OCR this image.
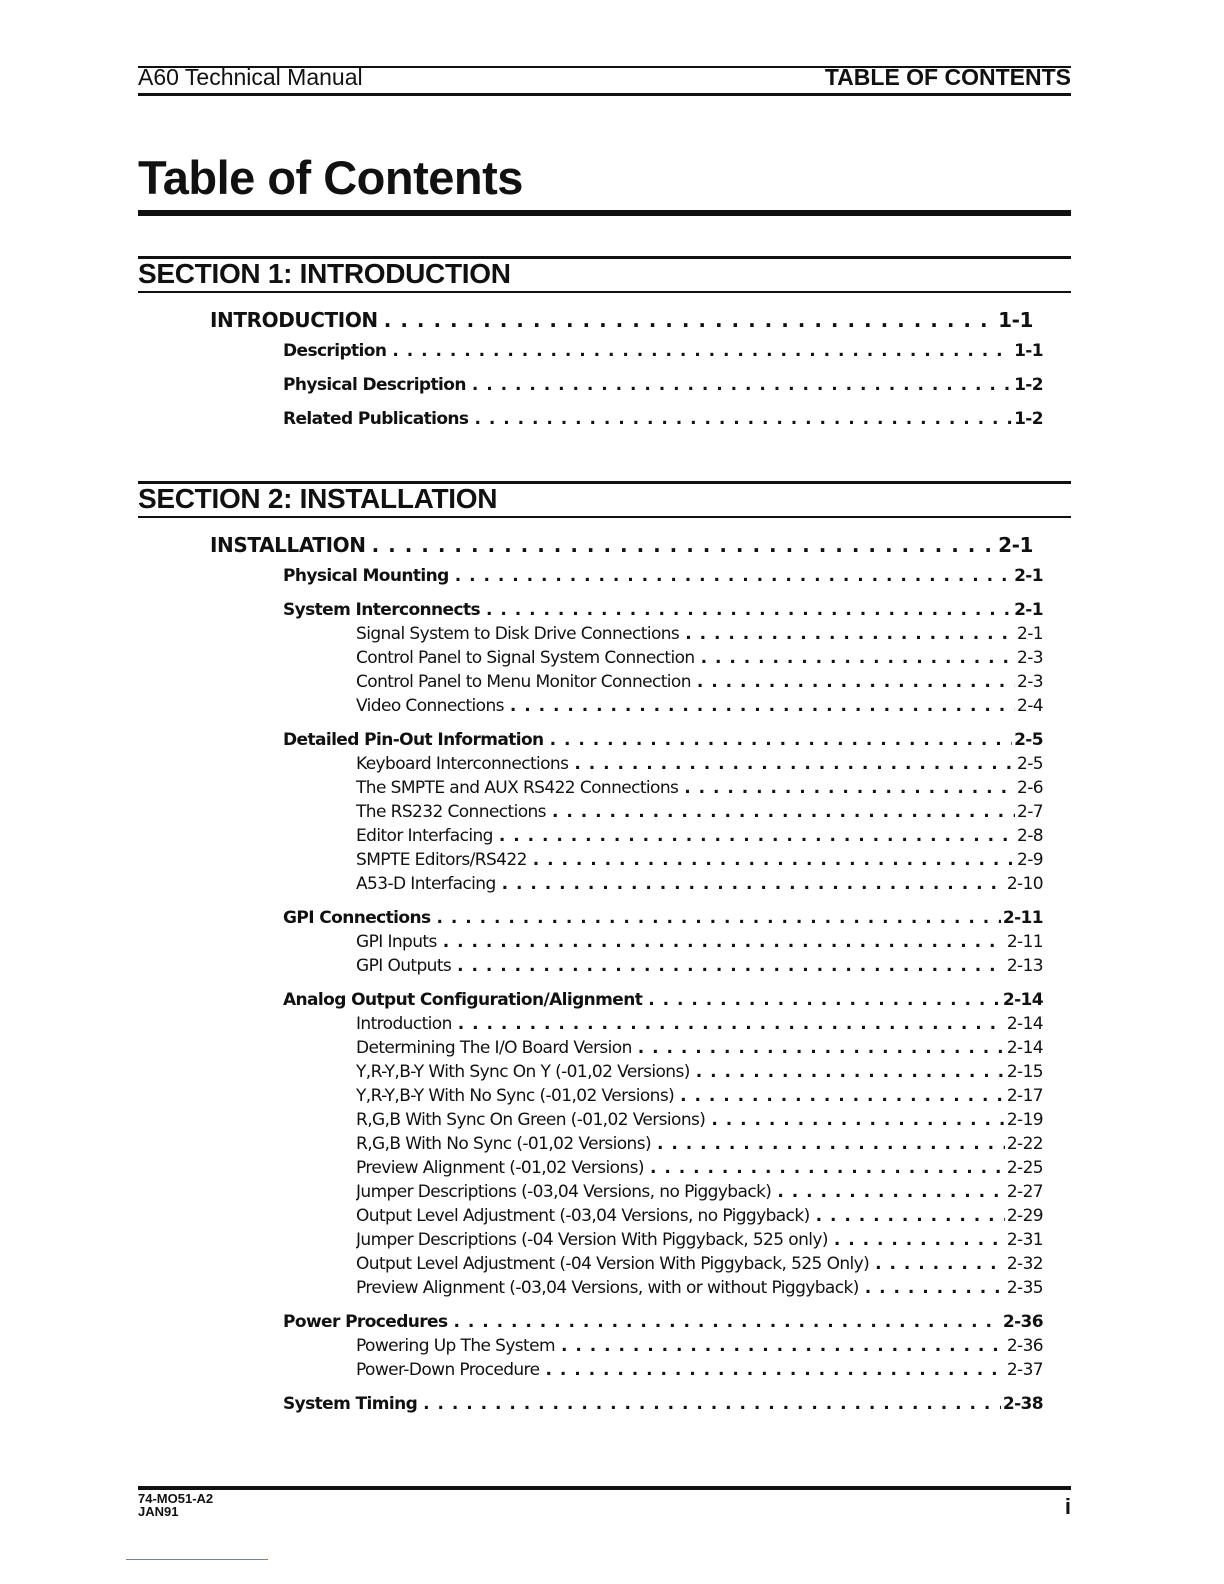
A60 Technical Manual	TABLE OF CONTENTS
Table of Contents
SECTION 1: INTRODUCTION
INTRODUCTION . . .	1-1
Description . . .	1-1
Physical Description . . .	1-2
Related Publications . . .	1-2
SECTION 2: INSTALLATION
INSTALLATION . . .	2-1
Physical Mounting . . .	2-1
System Interconnects . . .	2-1
Signal System to Disk Drive Connections . . .	2-1
Control Panel to Signal System Connection . . .	2-3
Control Panel to Menu Monitor Connection . . .	2-3
Video Connections . . .	2-4
Detailed Pin-Out Information . . .	2-5
Keyboard Interconnections . . .	2-5
The SMPTE and AUX RS422 Connections . . .	2-6
The RS232 Connections . . .	2-7
Editor Interfacing . . .	2-8
SMPTE Editors/RS422 . . .	2-9
A53-D Interfacing . . .	2-10
GPI Connections . . .	2-11
GPI Inputs . . .	2-11
GPI Outputs . . .	2-13
Analog Output Configuration/Alignment . . .	2-14
Introduction . . .	2-14
Determining The I/O Board Version . . .	2-14
Y,R-Y,B-Y With Sync On Y (-01,02 Versions) . . .	2-15
Y,R-Y,B-Y With No Sync (-01,02 Versions) . . .	2-17
R,G,B With Sync On Green (-01,02 Versions) . . .	2-19
R,G,B With No Sync (-01,02 Versions) . . .	2-22
Preview Alignment (-01,02 Versions) . . .	2-25
Jumper Descriptions (-03,04 Versions, no Piggyback) . . .	2-27
Output Level Adjustment (-03,04 Versions, no Piggyback) . . .	2-29
Jumper Descriptions (-04 Version With Piggyback, 525 only) . . .	2-31
Output Level Adjustment (-04 Version With Piggyback, 525 Only) . . .	2-32
Preview Alignment (-03,04 Versions, with or without Piggyback) . . .	2-35
Power Procedures . . .	2-36
Powering Up The System . . .	2-36
Power-Down Procedure . . .	2-37
System Timing . . .	2-38
74-MO51-A2
JAN91	i
